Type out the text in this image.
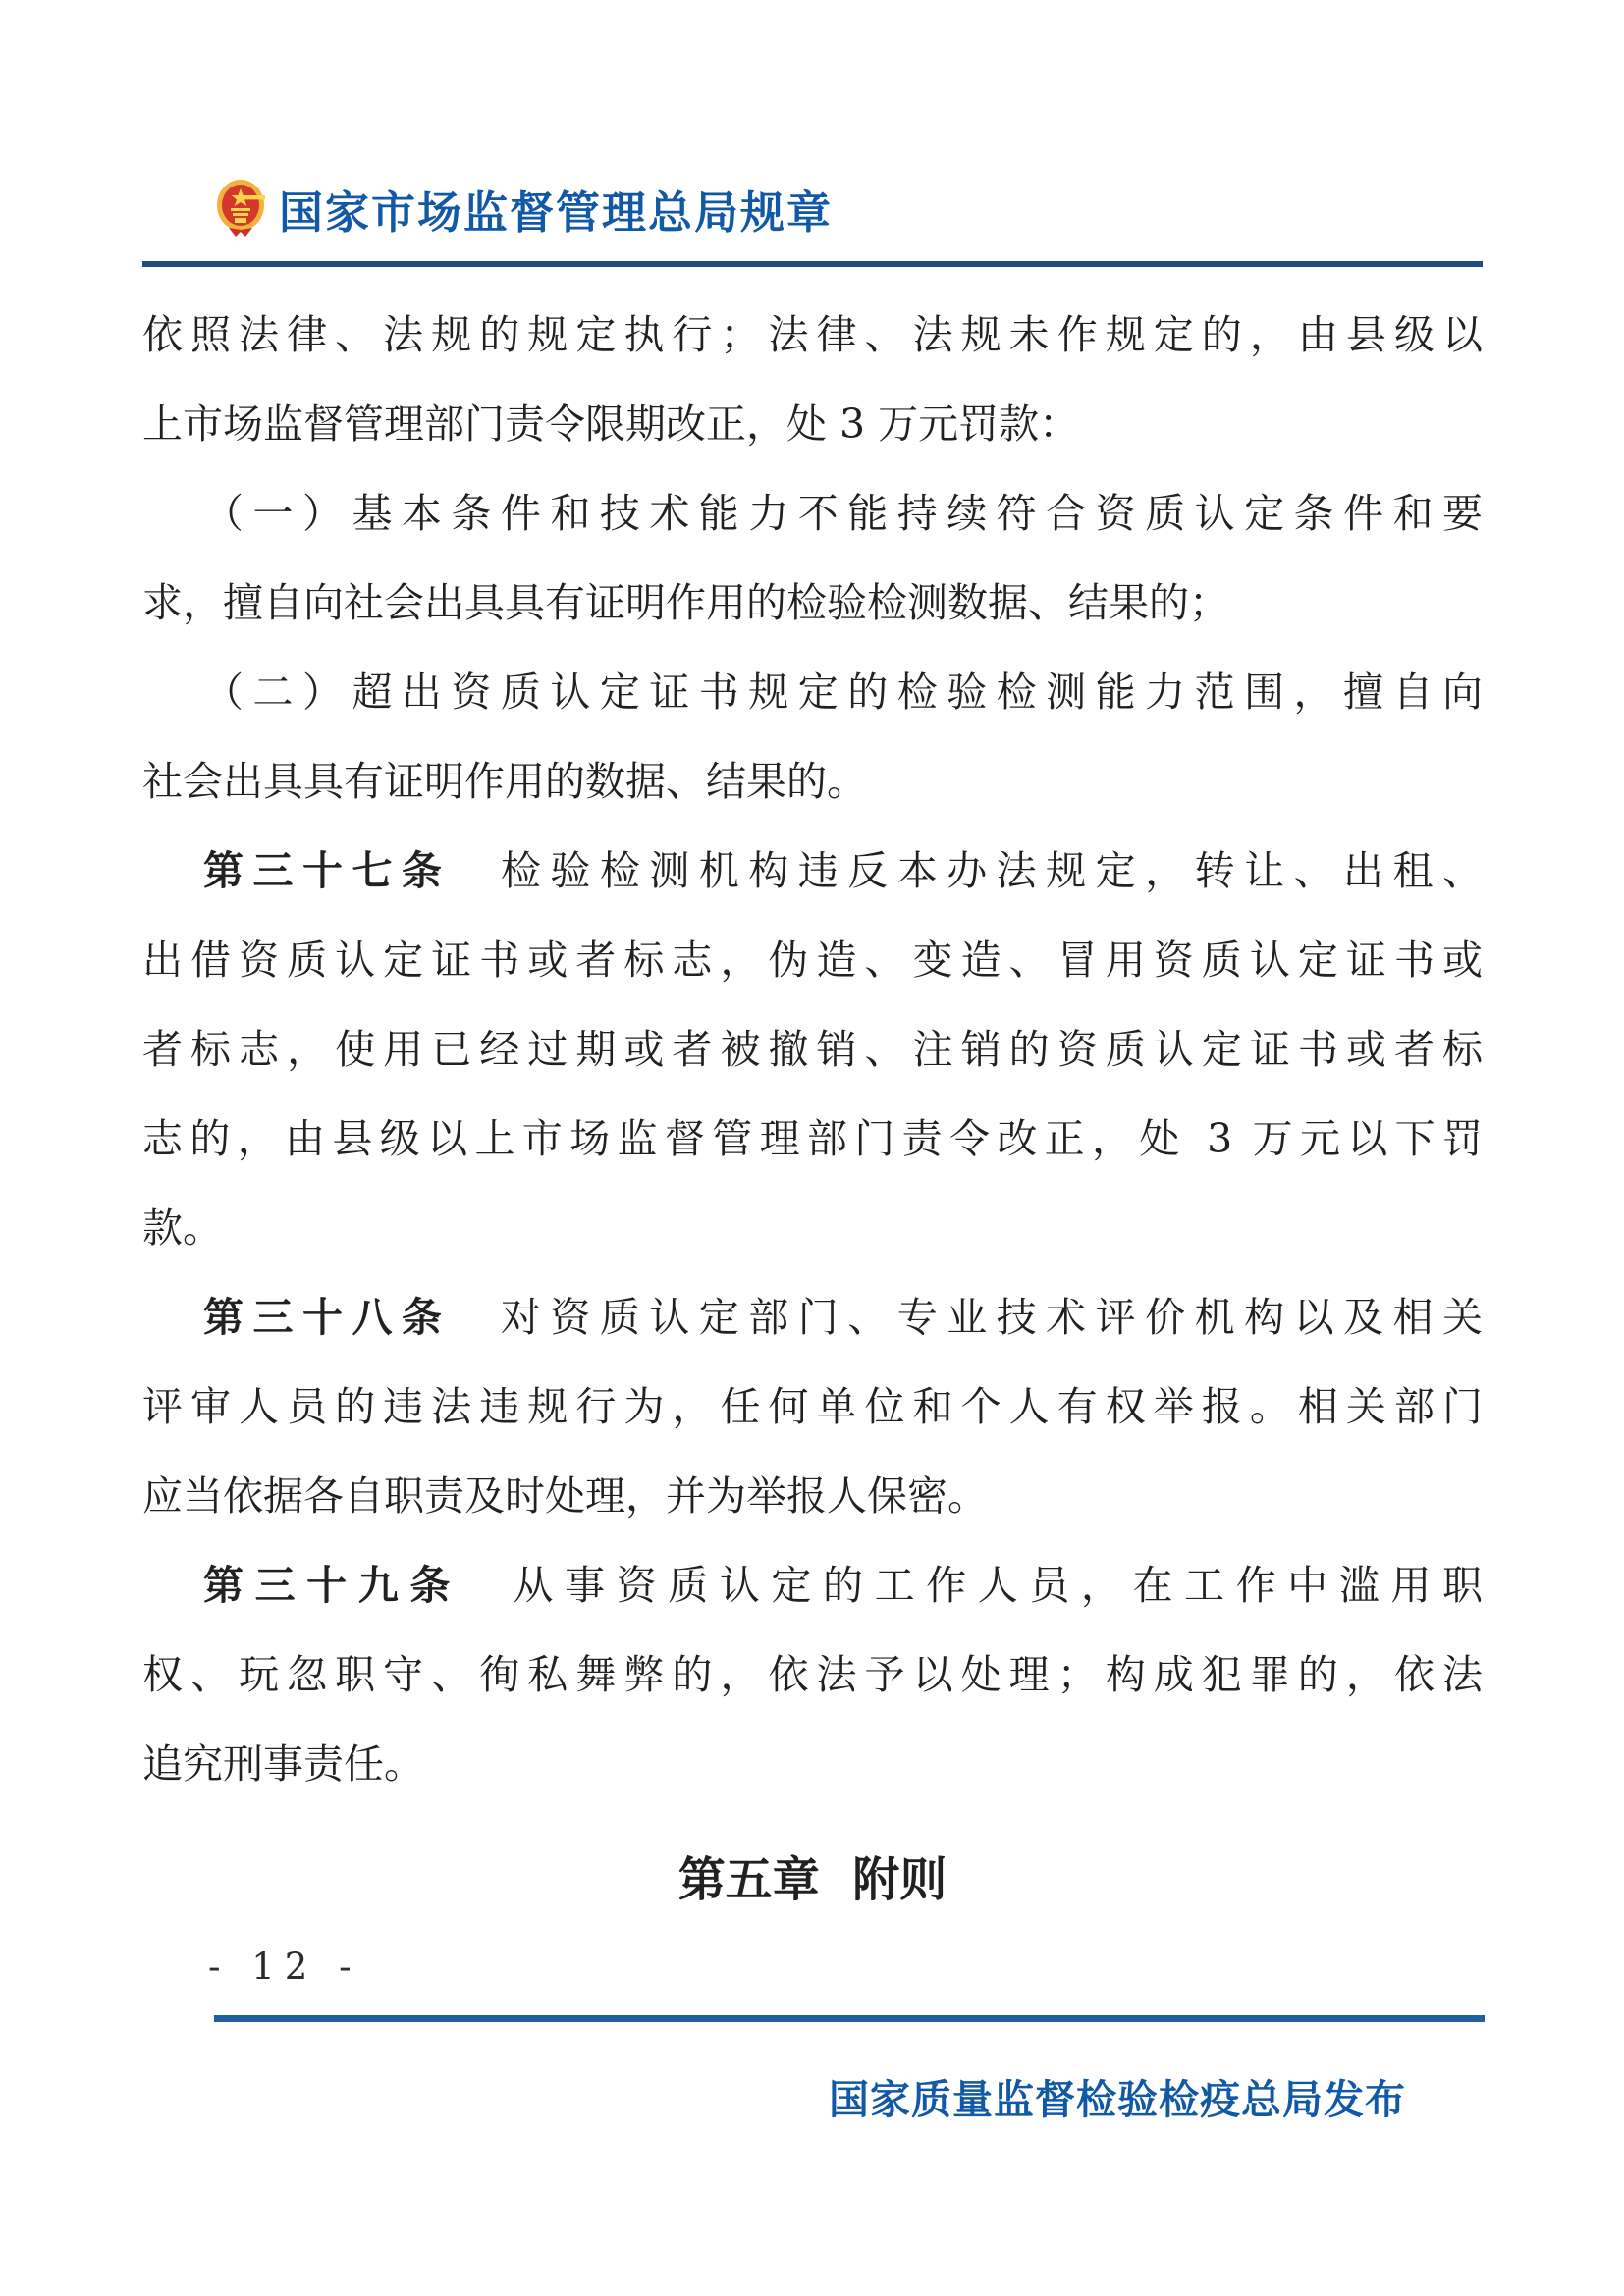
国家市场监督管理总局规章
依照法律、法规的规定执行；法律、法规未作规定的，由县级以
上市场监督管理部门责令限期改正，处 3 万元罚款：
（一）基本条件和技术能力不能持续符合资质认定条件和要
求，擅自向社会出具具有证明作用的检验检测数据、结果的；
（二）超出资质认定证书规定的检验检测能力范围，擅自向
社会出具具有证明作用的数据、结果的。
第三十七条　检验检测机构违反本办法规定，转让、出租、
出借资质认定证书或者标志，伪造、变造、冒用资质认定证书或
者标志，使用已经过期或者被撤销、注销的资质认定证书或者标
志的，由县级以上市场监督管理部门责令改正，处 3 万元以下罚
款。
第三十八条　对资质认定部门、专业技术评价机构以及相关
评审人员的违法违规行为，任何单位和个人有权举报。相关部门
应当依据各自职责及时处理，并为举报人保密。
第三十九条　从事资质认定的工作人员，在工作中滥用职
权、玩忽职守、徇私舞弊的，依法予以处理；构成犯罪的，依法
追究刑事责任。
第五章  附则
- 12 -
国家质量监督检验检疫总局发布
